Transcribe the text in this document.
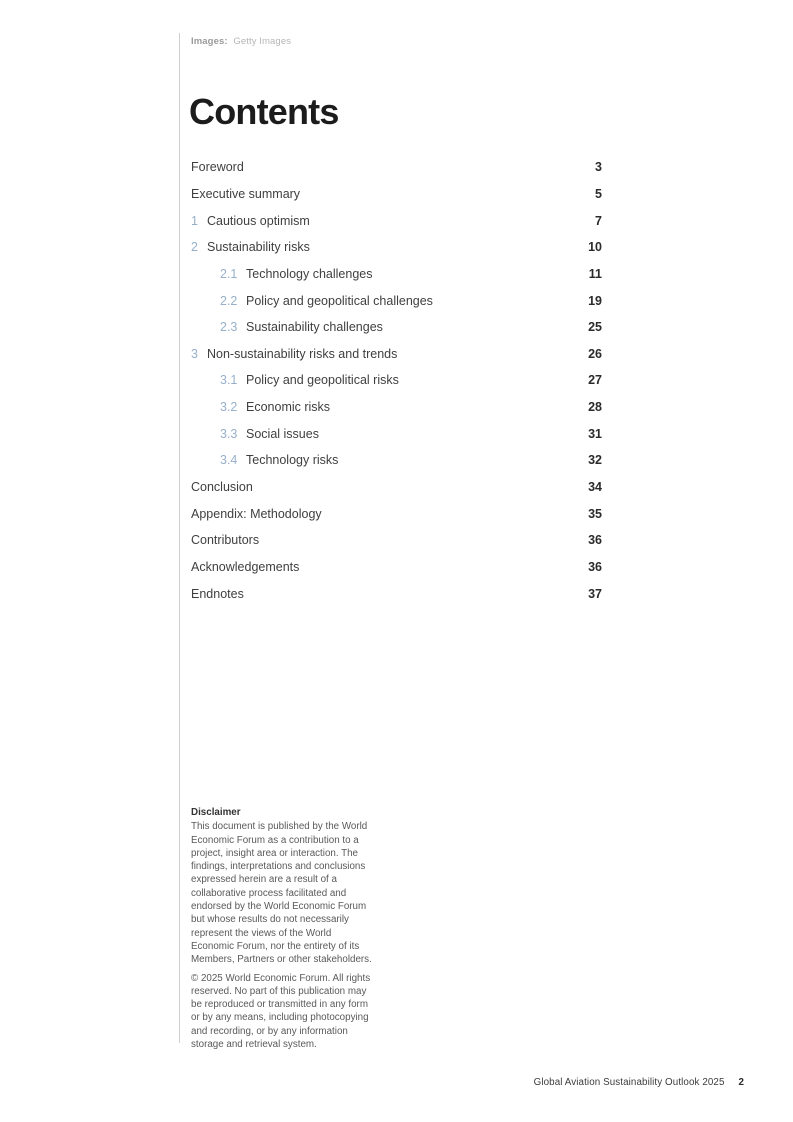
Images: Getty Images
Contents
Foreword	3
Executive summary	5
1 Cautious optimism	7
2 Sustainability risks	10
2.1 Technology challenges	11
2.2 Policy and geopolitical challenges	19
2.3 Sustainability challenges	25
3 Non-sustainability risks and trends	26
3.1 Policy and geopolitical risks	27
3.2 Economic risks	28
3.3 Social issues	31
3.4 Technology risks	32
Conclusion	34
Appendix: Methodology	35
Contributors	36
Acknowledgements	36
Endnotes	37
Disclaimer

This document is published by the World Economic Forum as a contribution to a project, insight area or interaction. The findings, interpretations and conclusions expressed herein are a result of a collaborative process facilitated and endorsed by the World Economic Forum but whose results do not necessarily represent the views of the World Economic Forum, nor the entirety of its Members, Partners or other stakeholders.

© 2025 World Economic Forum. All rights reserved. No part of this publication may be reproduced or transmitted in any form or by any means, including photocopying and recording, or by any information storage and retrieval system.

Global Aviation Sustainability Outlook 2025 2
